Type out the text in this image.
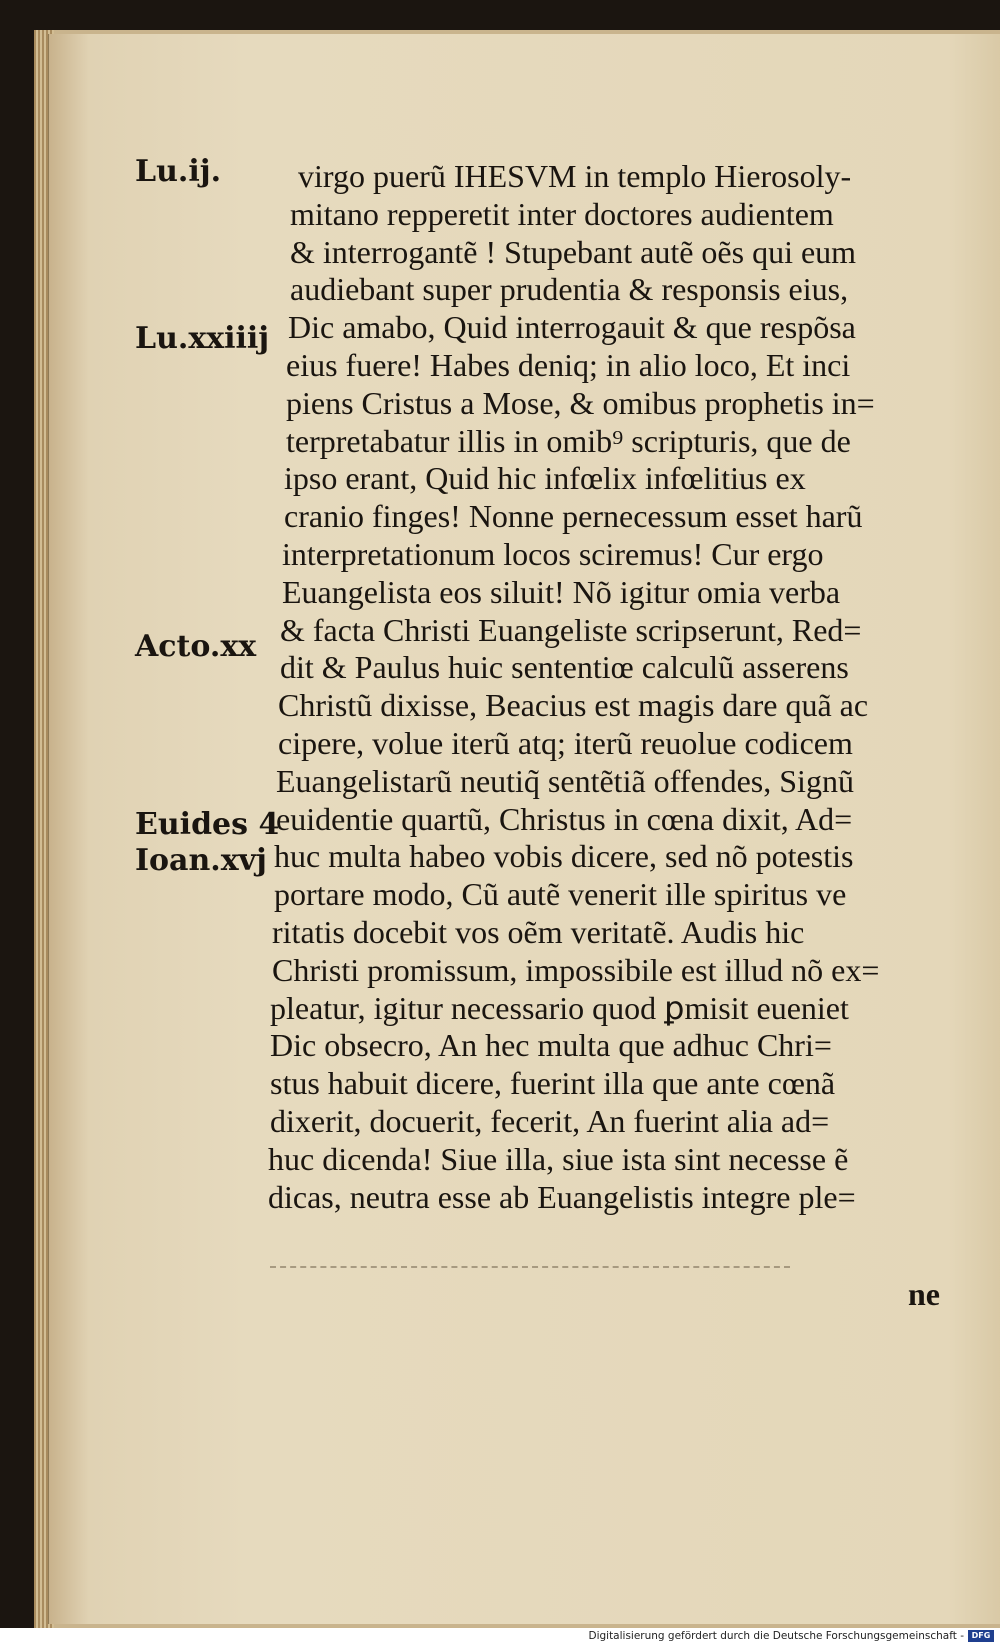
Lu.ij.
Lu.xxiiij
Acto.xx
Euides 4
Ioan.xvj
virgo puerũ IHESVM in templo Hierosoly-
mitano repperetit inter doctores audientem
& interrogantẽ ! Stupebant autẽ oẽs qui eum
audiebant super prudentia & responsis eius,
Dic amabo, Quid interrogauit & que respõsa
eius fuere! Habes deniq; in alio loco, Et inci
piens Cristus a Mose, & omibus prophetis in=
terpretabatur illis in omib⁹ scripturis, que de
ipso erant, Quid hic infœlix infœlitius ex
cranio finges! Nonne pernecessum esset harũ
interpretationum locos sciremus! Cur ergo
Euangelista eos siluit! Nõ igitur omia verba
& facta Christi Euangeliste scripserunt, Red=
dit & Paulus huic sententiœ calculũ asserens
Christũ dixisse, Beacius est magis dare quã ac
cipere, volue iterũ atq; iterũ reuolue codicem
Euangelistarũ neutiq̃ sentẽtiã offendes, Signũ
euidentie quartũ, Christus in cœna dixit, Ad=
huc multa habeo vobis dicere, sed nõ potestis
portare modo, Cũ autẽ venerit ille spiritus ve
ritatis docebit vos oẽm veritatẽ. Audis hic
Christi promissum, impossibile est illud nõ ex=
pleatur, igitur necessario quod ꝑmisit eueniet
Dic obsecro, An hec multa que adhuc Chri=
stus habuit dicere, fuerint illa que ante cœnã
dixerit, docuerit, fecerit, An fuerint alia ad=
huc dicenda! Siue illa, siue ista sint necesse ẽ
dicas, neutra esse ab Euangelistis integre ple=
ne
Digitalisierung gefördert durch die Deutsche Forschungsgemeinschaft - DFG
